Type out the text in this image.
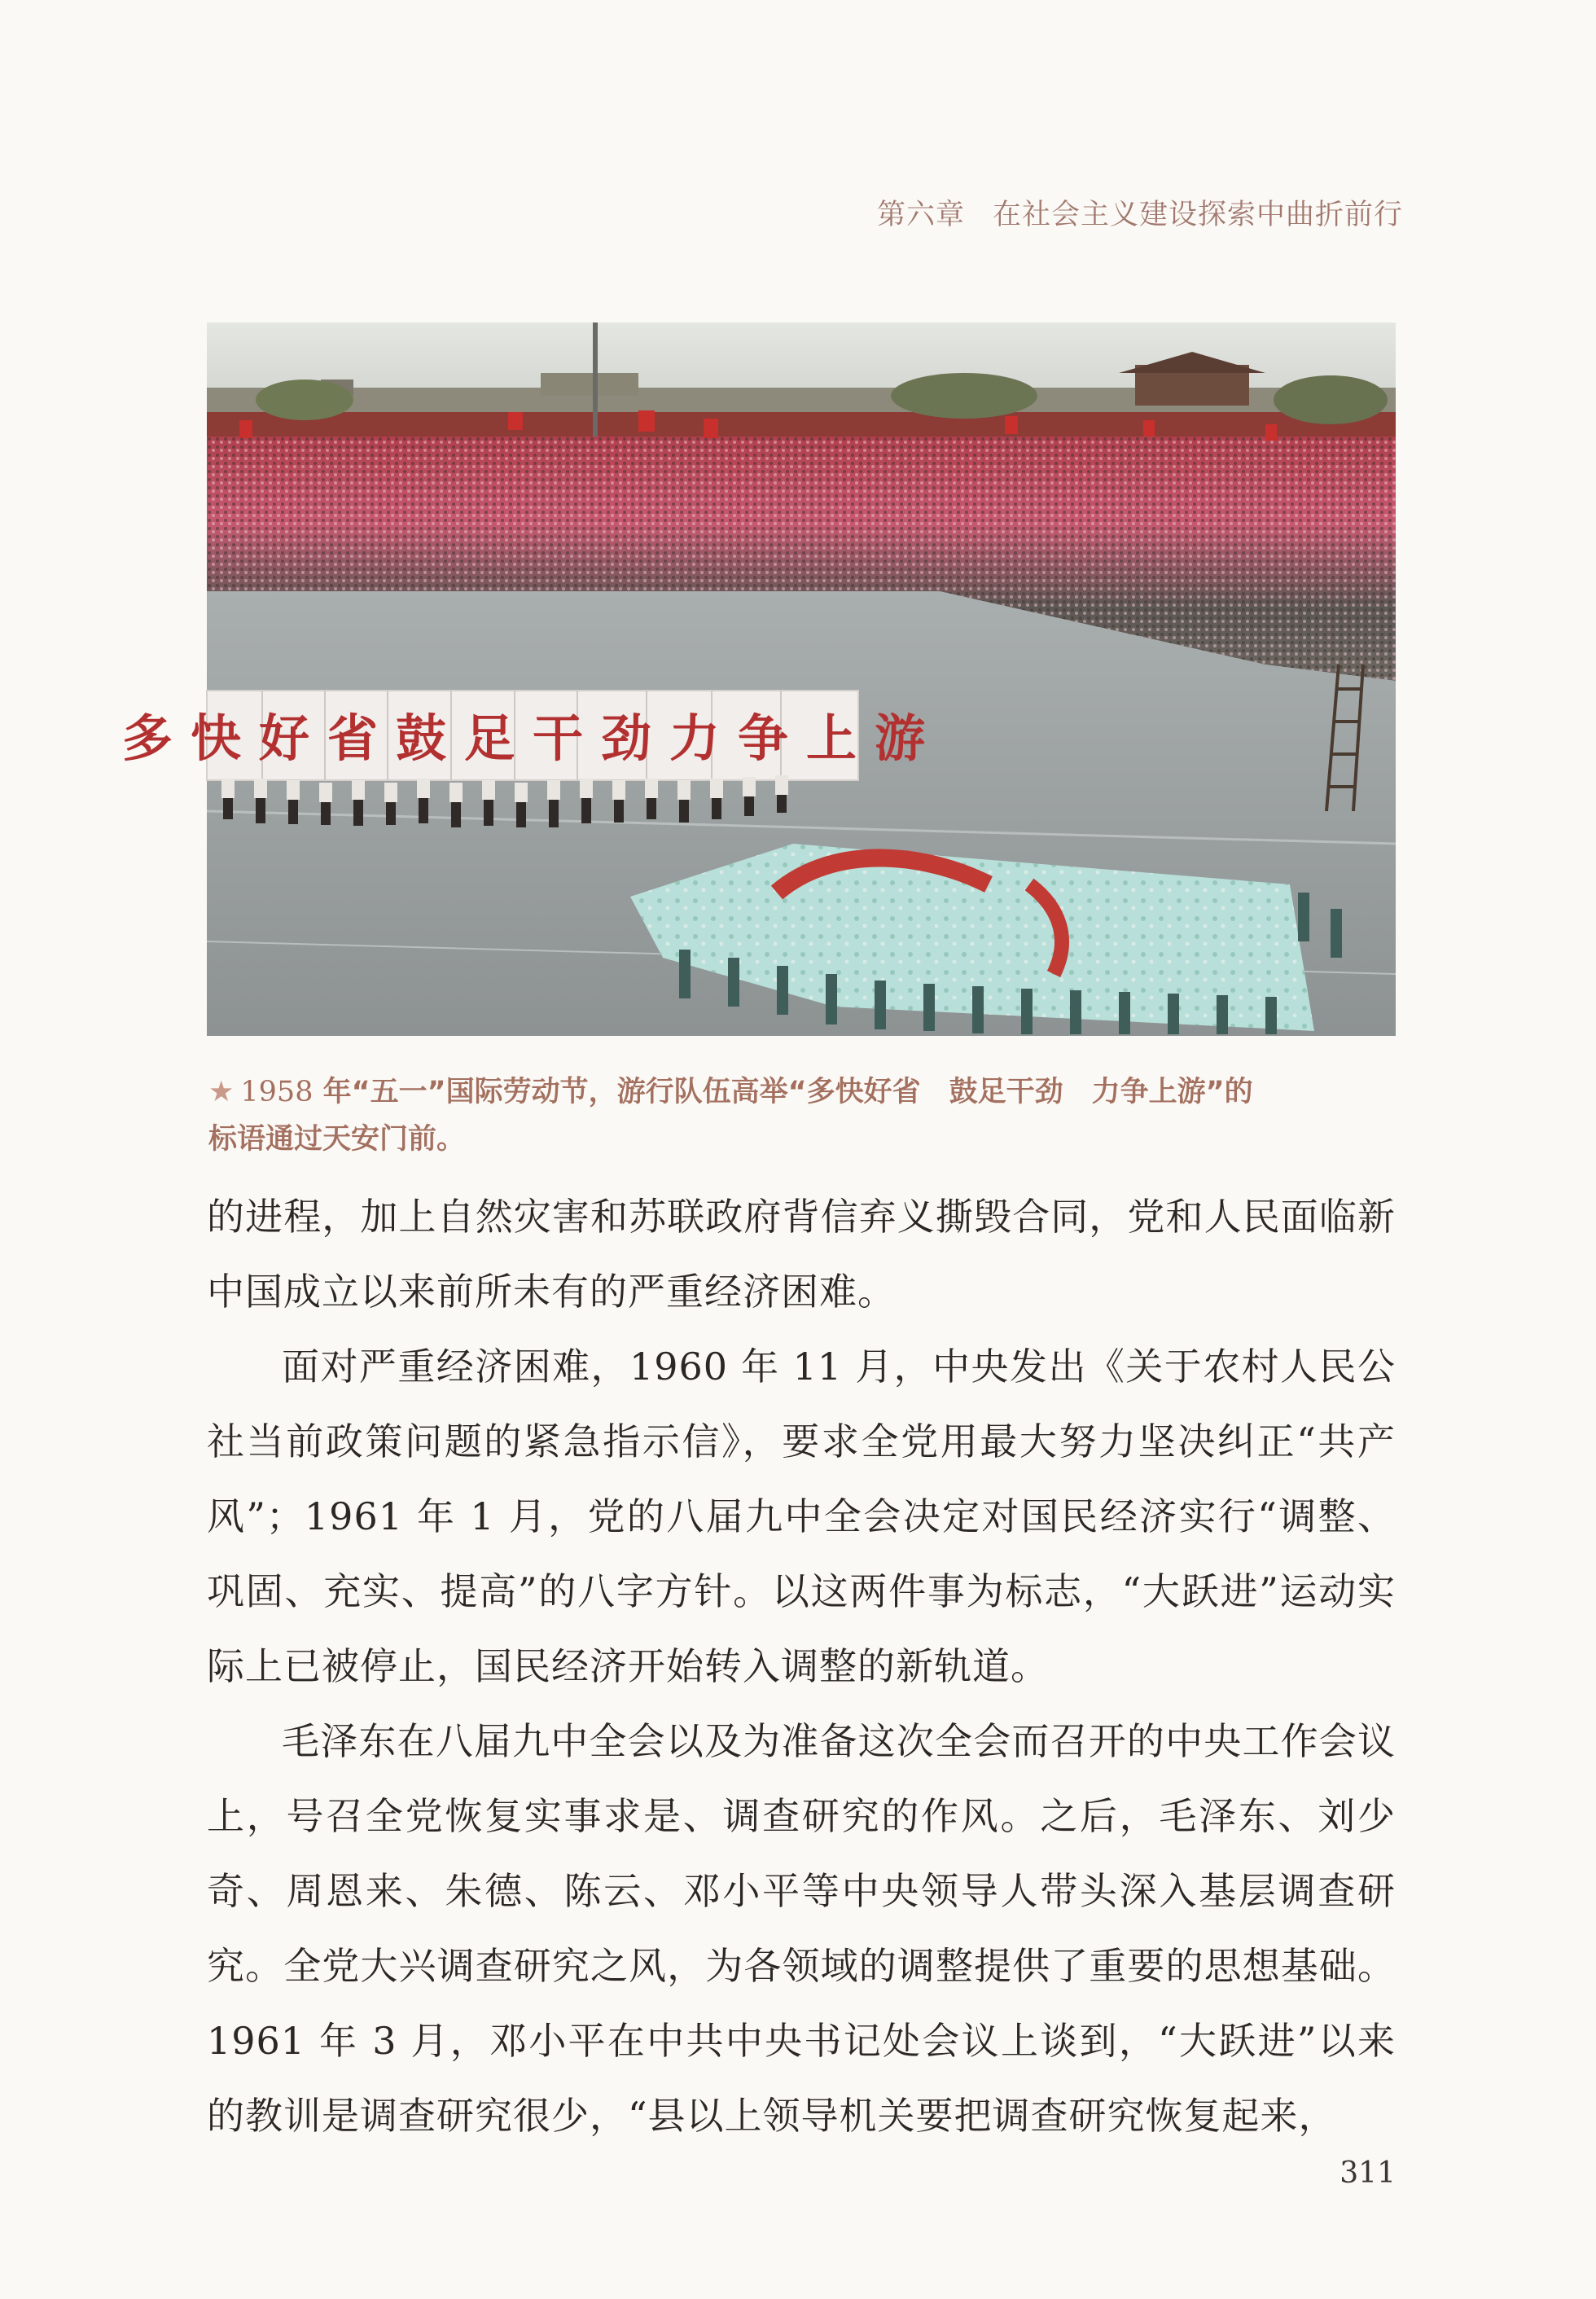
第六章 在社会主义建设探索中曲折前行
多快好省鼓足干劲力争上游
★ 1958 年“五一”国际劳动节，游行队伍高举“多快好省　鼓足干劲　力争上游”的
标语通过天安门前。

的进程，加上自然灾害和苏联政府背信弃义撕毁合同，党和人民面临新中国成立以来前所未有的严重经济困难。

面对严重经济困难，1960 年 11 月，中央发出《关于农村人民公社当前政策问题的紧急指示信》，要求全党用最大努力坚决纠正“共产风”；1961 年 1 月，党的八届九中全会决定对国民经济实行“调整、巩固、充实、提高”的八字方针。以这两件事为标志，“大跃进”运动实际上已被停止，国民经济开始转入调整的新轨道。

毛泽东在八届九中全会以及为准备这次全会而召开的中央工作会议上，号召全党恢复实事求是、调查研究的作风。之后，毛泽东、刘少奇、周恩来、朱德、陈云、邓小平等中央领导人带头深入基层调查研究。全党大兴调查研究之风，为各领域的调整提供了重要的思想基础。1961 年 3 月，邓小平在中共中央书记处会议上谈到，“大跃进”以来的教训是调查研究很少，“县以上领导机关要把调查研究恢复起来，

311
